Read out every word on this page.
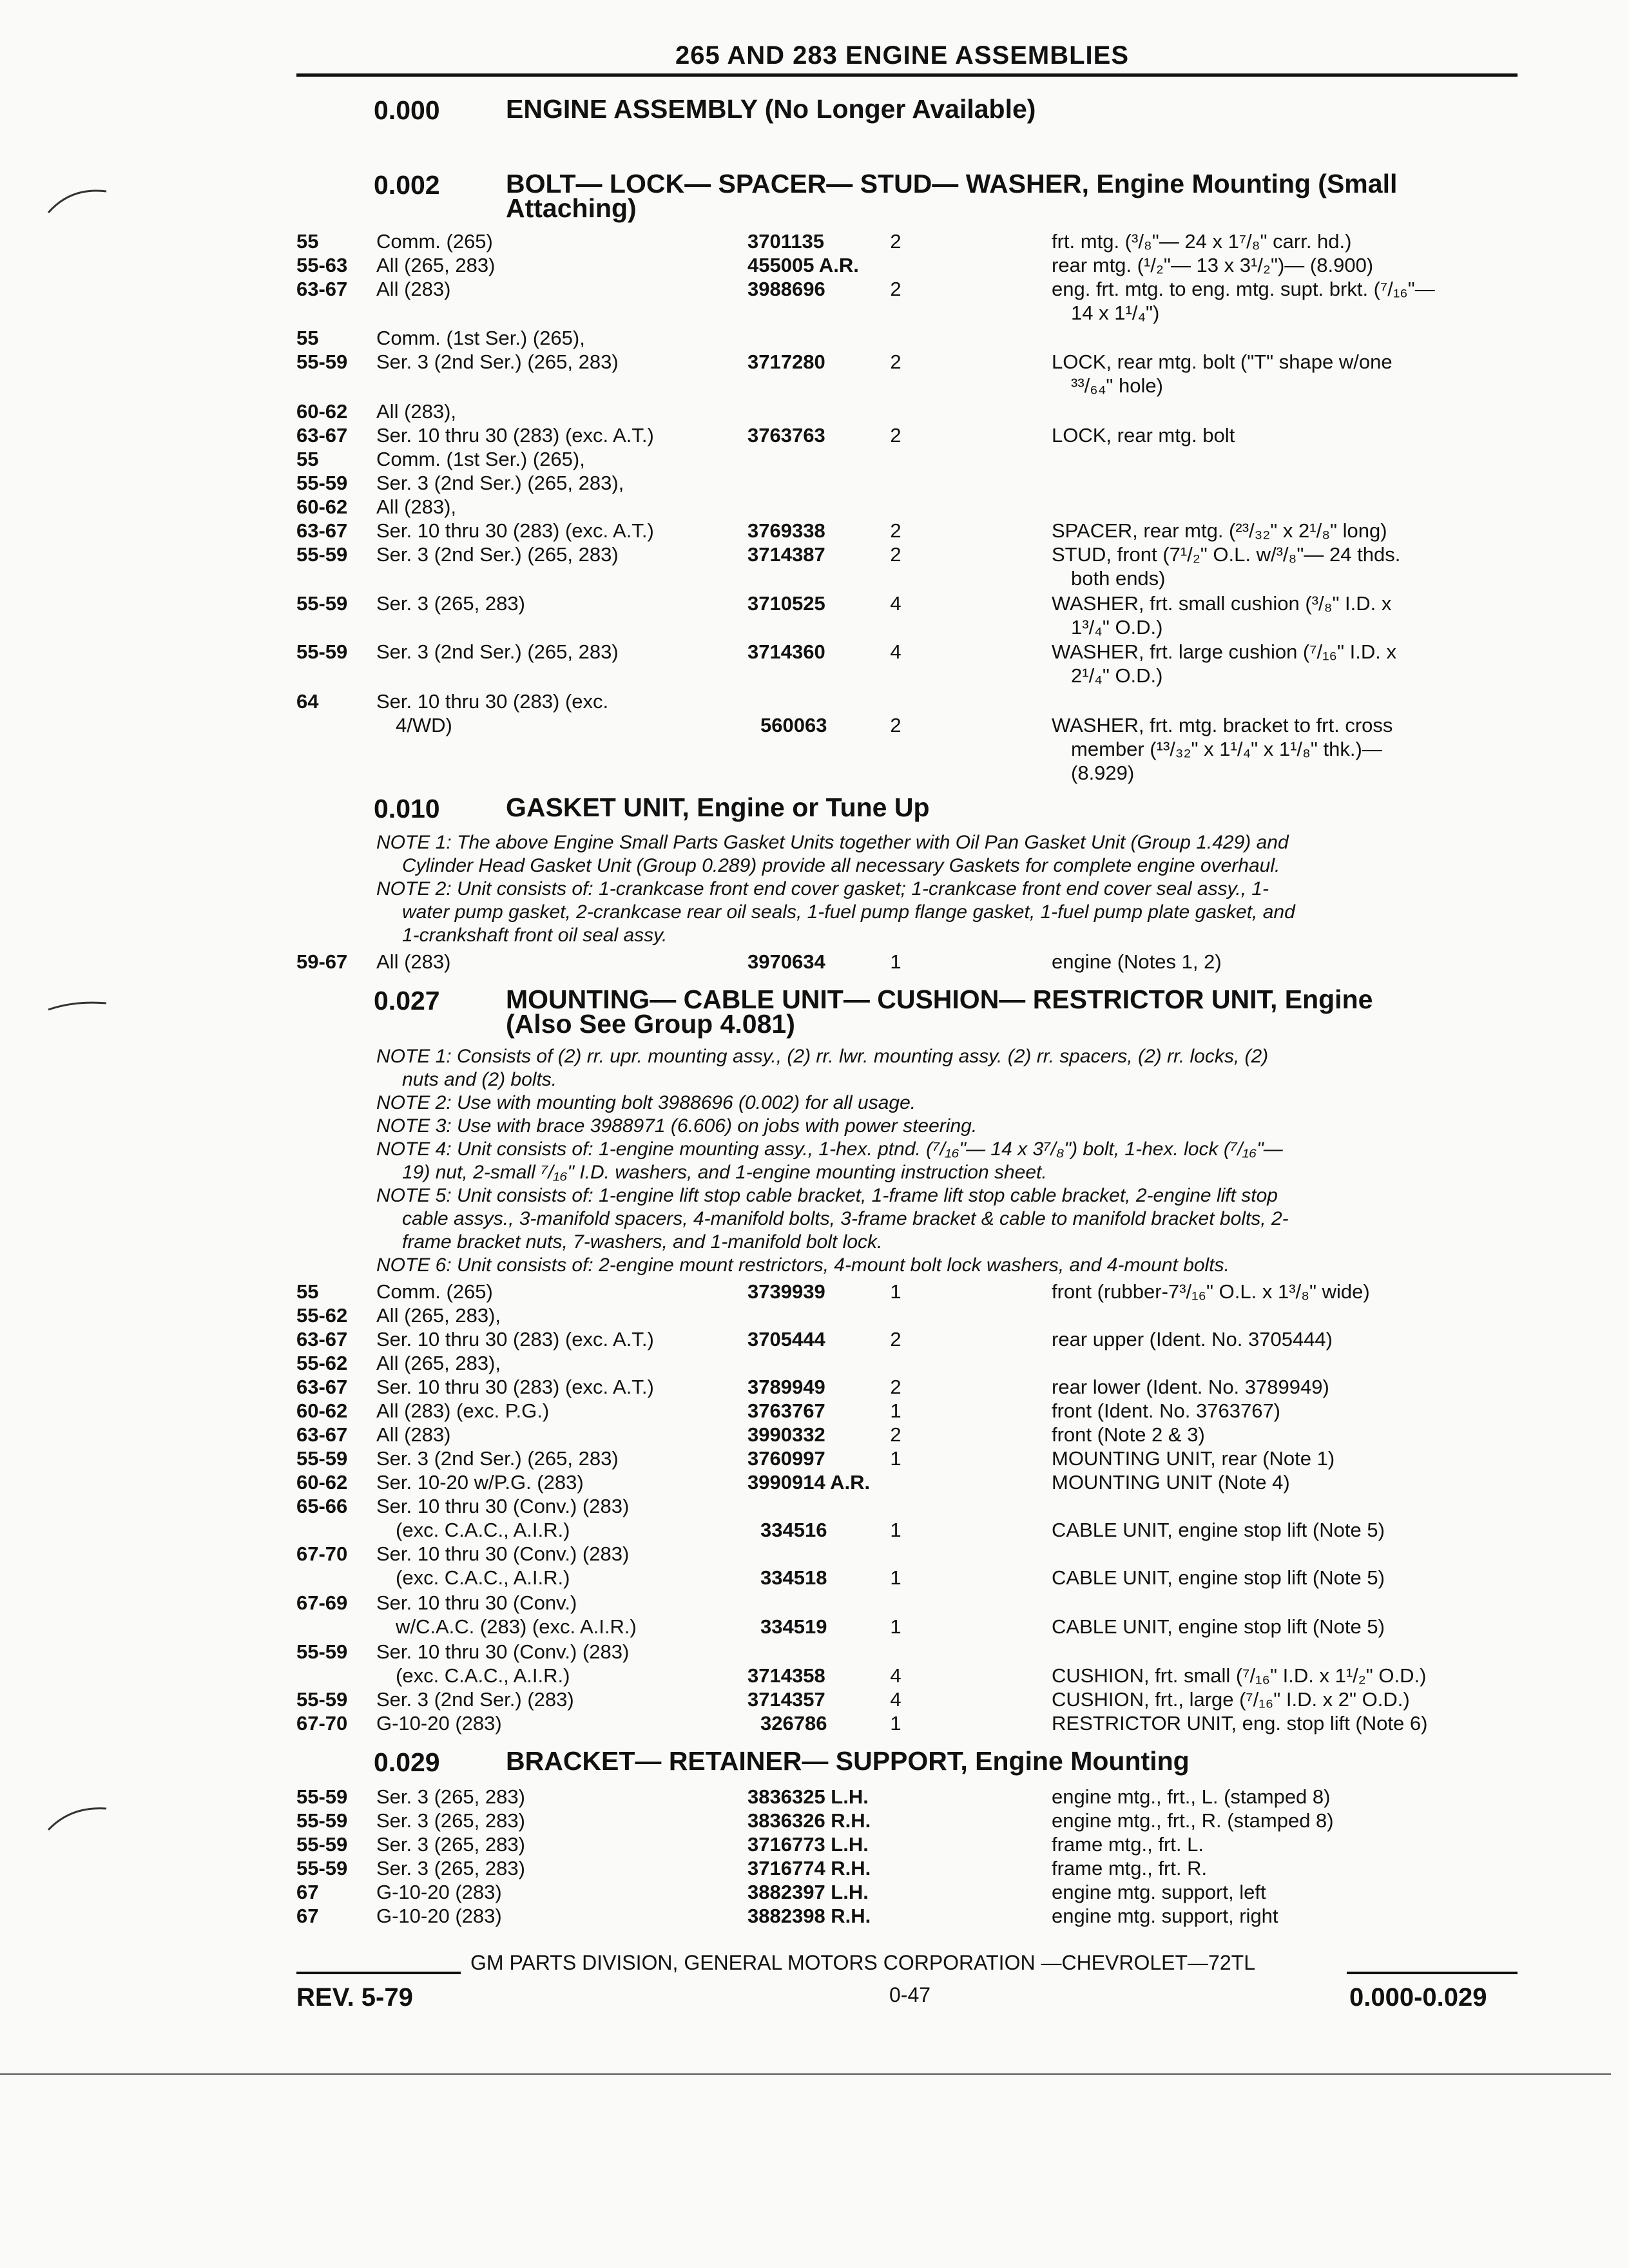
265 AND 283 ENGINE ASSEMBLIES
0.000 ENGINE ASSEMBLY (No Longer Available)
0.002 BOLT— LOCK— SPACER— STUD— WASHER, Engine Mounting (Small
Attaching)
55	Comm. (265)	3701135	2	frt. mtg. (³/₈"— 24 x 1⁷/₈" carr. hd.)
55-63 All (265, 283)	455005 A.R.	rear mtg. (¹/₂"— 13 x 3¹/₂")— (8.900)
63-67 All (283)	3988696	2	eng. frt. mtg. to eng. mtg. supt. brkt. (⁷/₁₆"—
14 x 1¹/₄")
55	Comm. (1st Ser.) (265),
55-59 Ser. 3 (2nd Ser.) (265, 283)	3717280	2	LOCK, rear mtg. bolt ("T" shape w/one
³³/₆₄" hole)
60-62 All (283),
63-67 Ser. 10 thru 30 (283) (exc. A.T.)	3763763	2	LOCK, rear mtg. bolt
55	Comm. (1st Ser.) (265),
55-59 Ser. 3 (2nd Ser.) (265, 283),
60-62 All (283),
63-67 Ser. 10 thru 30 (283) (exc. A.T.)	3769338	2	SPACER, rear mtg. (²³/₃₂" x 2¹/₈" long)
55-59 Ser. 3 (2nd Ser.) (265, 283)	3714387	2	STUD, front (7¹/₂" O.L. w/³/₈"— 24 thds.
both ends)
55-59 Ser. 3 (265, 283)	3710525	4	WASHER, frt. small cushion (³/₈" I.D. x
1³/₄" O.D.)
55-59 Ser. 3 (2nd Ser.) (265, 283)	3714360	4	WASHER, frt. large cushion (⁷/₁₆" I.D. x
2¹/₄" O.D.)
64	Ser. 10 thru 30 (283) (exc.
4/WD)	560063	2	WASHER, frt. mtg. bracket to frt. cross
member (¹³/₃₂" x 1¹/₄" x 1¹/₈" thk.)—
(8.929)
0.010 GASKET UNIT, Engine or Tune Up
NOTE 1: The above Engine Small Parts Gasket Units together with Oil Pan Gasket Unit (Group 1.429) and
Cylinder Head Gasket Unit (Group 0.289) provide all necessary Gaskets for complete engine overhaul.
NOTE 2: Unit consists of: 1-crankcase front end cover gasket; 1-crankcase front end cover seal assy., 1-
water pump gasket, 2-crankcase rear oil seals, 1-fuel pump flange gasket, 1-fuel pump plate gasket, and
1-crankshaft front oil seal assy.
59-67 All (283)	3970634	1	engine (Notes 1, 2)
0.027 MOUNTING— CABLE UNIT— CUSHION— RESTRICTOR UNIT, Engine
(Also See Group 4.081)
NOTE 1: Consists of (2) rr. upr. mounting assy., (2) rr. lwr. mounting assy. (2) rr. spacers, (2) rr. locks, (2)
nuts and (2) bolts.
NOTE 2: Use with mounting bolt 3988696 (0.002) for all usage.
NOTE 3: Use with brace 3988971 (6.606) on jobs with power steering.
NOTE 4: Unit consists of: 1-engine mounting assy., 1-hex. ptnd. (⁷/₁₆"— 14 x 3⁷/₈") bolt, 1-hex. lock (⁷/₁₆"—
19) nut, 2-small ⁷/₁₆" I.D. washers, and 1-engine mounting instruction sheet.
NOTE 5: Unit consists of: 1-engine lift stop cable bracket, 1-frame lift stop cable bracket, 2-engine lift stop
cable assys., 3-manifold spacers, 4-manifold bolts, 3-frame bracket & cable to manifold bracket bolts, 2-
frame bracket nuts, 7-washers, and 1-manifold bolt lock.
NOTE 6: Unit consists of: 2-engine mount restrictors, 4-mount bolt lock washers, and 4-mount bolts.
55	Comm. (265)	3739939	1	front (rubber-7³/₁₆" O.L. x 1³/₈" wide)
55-62 All (265, 283),
63-67 Ser. 10 thru 30 (283) (exc. A.T.)	3705444	2	rear upper (Ident. No. 3705444)
55-62 All (265, 283),
63-67 Ser. 10 thru 30 (283) (exc. A.T.)	3789949	2	rear lower (Ident. No. 3789949)
60-62 All (283) (exc. P.G.)	3763767	1	front (Ident. No. 3763767)
63-67 All (283)	3990332	2	front (Note 2 & 3)
55-59 Ser. 3 (2nd Ser.) (265, 283)	3760997	1	MOUNTING UNIT, rear (Note 1)
60-62 Ser. 10-20 w/P.G. (283)	3990914 A.R.	MOUNTING UNIT (Note 4)
65-66 Ser. 10 thru 30 (Conv.) (283)
(exc. C.A.C., A.I.R.)	334516	1	CABLE UNIT, engine stop lift (Note 5)
67-70 Ser. 10 thru 30 (Conv.) (283)
(exc. C.A.C., A.I.R.)	334518	1	CABLE UNIT, engine stop lift (Note 5)
67-69 Ser. 10 thru 30 (Conv.)
w/C.A.C. (283) (exc. A.I.R.)	334519	1	CABLE UNIT, engine stop lift (Note 5)
55-59 Ser. 10 thru 30 (Conv.) (283)
(exc. C.A.C., A.I.R.)	3714358	4	CUSHION, frt. small (⁷/₁₆" I.D. x 1¹/₂" O.D.)
55-59 Ser. 3 (2nd Ser.) (283)	3714357	4	CUSHION, frt., large (⁷/₁₆" I.D. x 2" O.D.)
67-70 G-10-20 (283)	326786	1	RESTRICTOR UNIT, eng. stop lift (Note 6)
0.029 BRACKET— RETAINER— SUPPORT, Engine Mounting
55-59 Ser. 3 (265, 283)	3836325 L.H.	engine mtg., frt., L. (stamped 8)
55-59 Ser. 3 (265, 283)	3836326 R.H.	engine mtg., frt., R. (stamped 8)
55-59 Ser. 3 (265, 283)	3716773 L.H.	frame mtg., frt. L.
55-59 Ser. 3 (265, 283)	3716774 R.H.	frame mtg., frt. R.
67	G-10-20 (283)	3882397 L.H.	engine mtg. support, left
67	G-10-20 (283)	3882398 R.H.	engine mtg. support, right
GM PARTS DIVISION, GENERAL MOTORS CORPORATION —CHEVROLET—72TL
REV. 5-79	0-47	0.000-0.029
